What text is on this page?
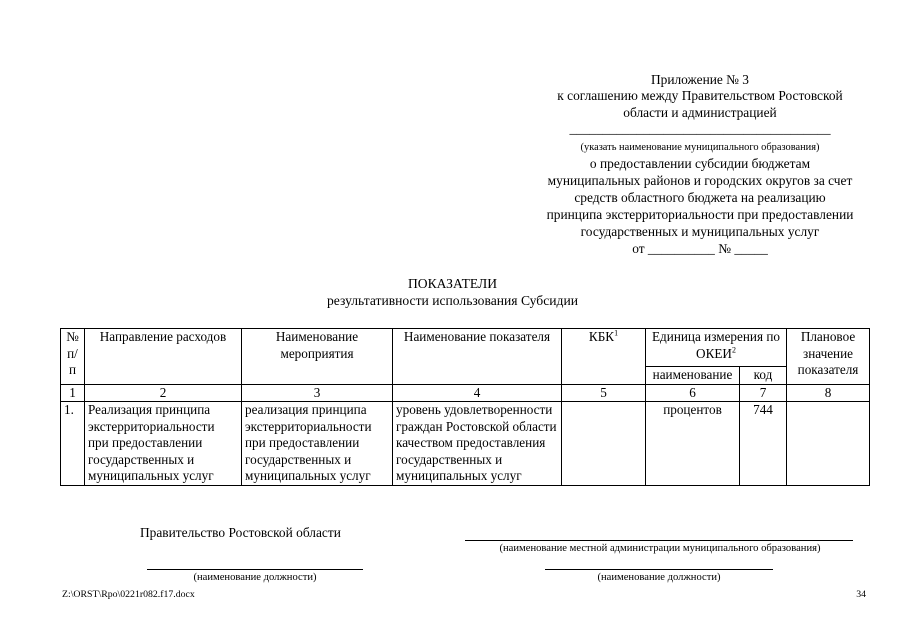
Приложение № 3
к соглашению между Правительством Ростовской
области и администрацией
_______________________________________
(указать наименование муниципального образования)
о предоставлении субсидии бюджетам
муниципальных районов и городских округов за счет
средств областного бюджета на реализацию
принципа экстерриториальности при предоставлении
государственных и муниципальных услуг
от __________ № _____
ПОКАЗАТЕЛИ
результативности использования Субсидии
№ п/п	Направление расходов	Наименование мероприятия	Наименование показателя	КБК$^1$	Единица измерения по ОКЕИ$^2$		Плановое значение показателя
					наименование	код	
1	2	3	4	5	6	7	8
1.	Реализация принципа экстерриториальности при предоставлении государственных и муниципальных услуг	реализация принципа экстерриториальности при предоставлении государственных и муниципальных услуг	уровень удовлетворенности граждан Ростовской области качеством предоставления государственных и муниципальных услуг		процентов	744	
Правительство Ростовской области
(наименование местной администрации муниципального образования)
(наименование должности)	(наименование должности)
Z:\ORST\Rpo\0221r082.f17.docx	34
